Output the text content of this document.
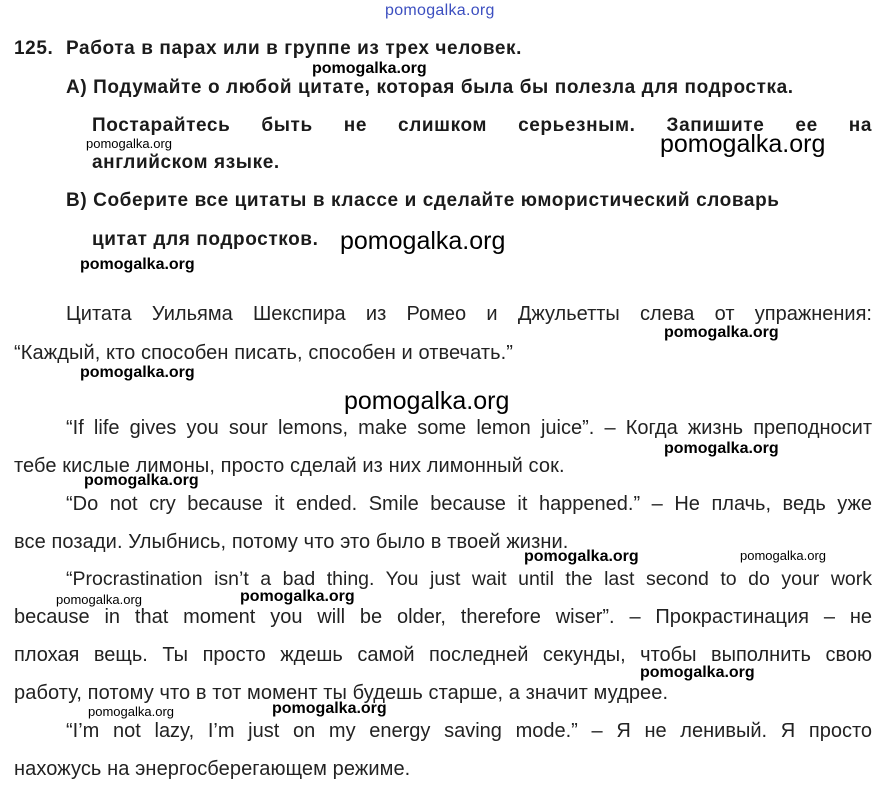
pomogalka.org
125. Работа в парах или в группе из трех человек.
А) Подумайте о любой цитате, которая была бы полезла для подростка.
Постарайтесь быть не слишком серьезным. Запишите ее на
английском языке.
В) Соберите все цитаты в классе и сделайте юмористический словарь
цитат для подростков.
Цитата Уильяма Шекспира из Ромео и Джульетты слева от упражнения:
“Каждый, кто способен писать, способен и отвечать.”
“If life gives you sour lemons, make some lemon juice”. – Когда жизнь преподносит
тебе кислые лимоны, просто сделай из них лимонный сок.
“Do not cry because it ended. Smile because it happened.” – Не плачь, ведь уже
все позади. Улыбнись, потому что это было в твоей жизни.
“Procrastination isn’t a bad thing. You just wait until the last second to do your work
because in that moment you will be older, therefore wiser”. – Прокрастинация – не
плохая вещь. Ты просто ждешь самой последней секунды, чтобы выполнить свою
работу, потому что в тот момент ты будешь старше, а значит мудрее.
“I’m not lazy, I’m just on my energy saving mode.” – Я не ленивый. Я просто
нахожусь на энергосберегающем режиме.
pomogalka.org
pomogalka.org	pomogalka.org
pomogalka.org
pomogalka.org
pomogalka.org
pomogalka.org
pomogalka.org
pomogalka.org
pomogalka.org
pomogalka.org	pomogalka.org
pomogalka.org	pomogalka.org
pomogalka.org
pomogalka.org	pomogalka.org
